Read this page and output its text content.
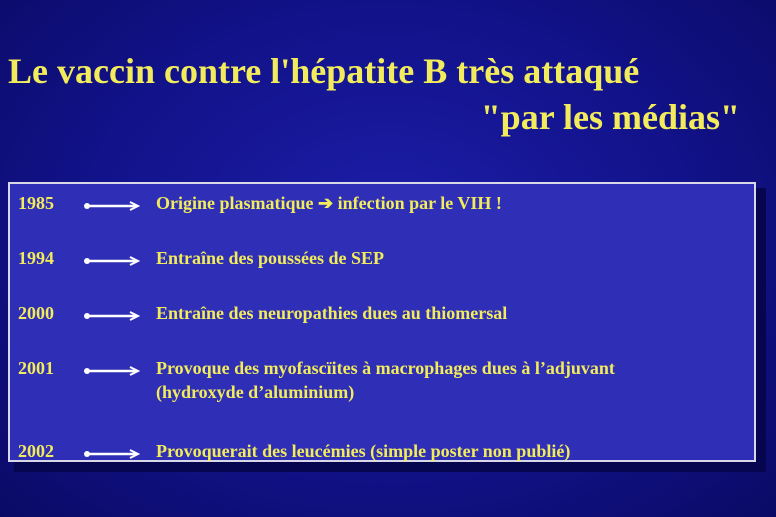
Le vaccin contre l'hépatite B très attaqué
"par les médias"
1985	Origine plasmatique ➔ infection par le VIH !
1994	Entraîne des poussées de SEP
2000	Entraîne des neuropathies dues au thiomersal
2001	Provoque des myofascïites à macrophages dues à l’adjuvant
(hydroxyde d’aluminium)
2002	Provoquerait des leucémies (simple poster non publié)
